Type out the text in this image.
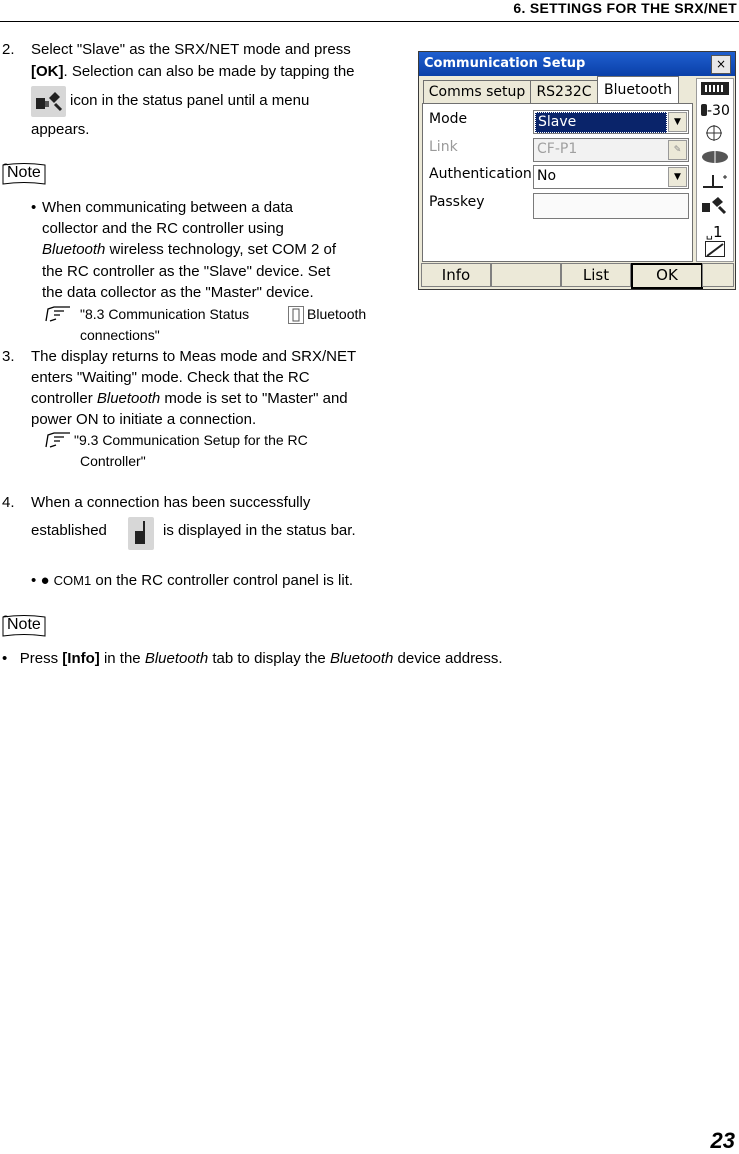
6. SETTINGS FOR THE SRX/NET
2. Select "Slave" as the SRX/NET mode and press
[OK]. Selection can also be made by tapping the
icon in the status panel until a menu
appears.
Note
• When communicating between a data
collector and the RC controller using
Bluetooth wireless technology, set COM 2 of
the RC controller as the "Slave" device. Set
the data collector as the "Master" device.
"8.3 Communication Status	Bluetooth
connections"
3. The display returns to Meas mode and SRX/NET
enters "Waiting" mode. Check that the RC
controller Bluetooth mode is set to "Master" and
power ON to initiate a connection.
"9.3 Communication Setup for the RC
Controller"
4. When a connection has been successfully
established	is displayed in the status bar.
• ● COM1 on the RC controller control panel is lit.
Note
• Press [Info] in the Bluetooth tab to display the Bluetooth device address.
Communication Setup	×
Comms setup RS232C Bluetooth
Mode	Slave	▼
Link	CF-P1	✎
Authentication No	▼
Passkey
-30
␣1
Info	List	OK
23
